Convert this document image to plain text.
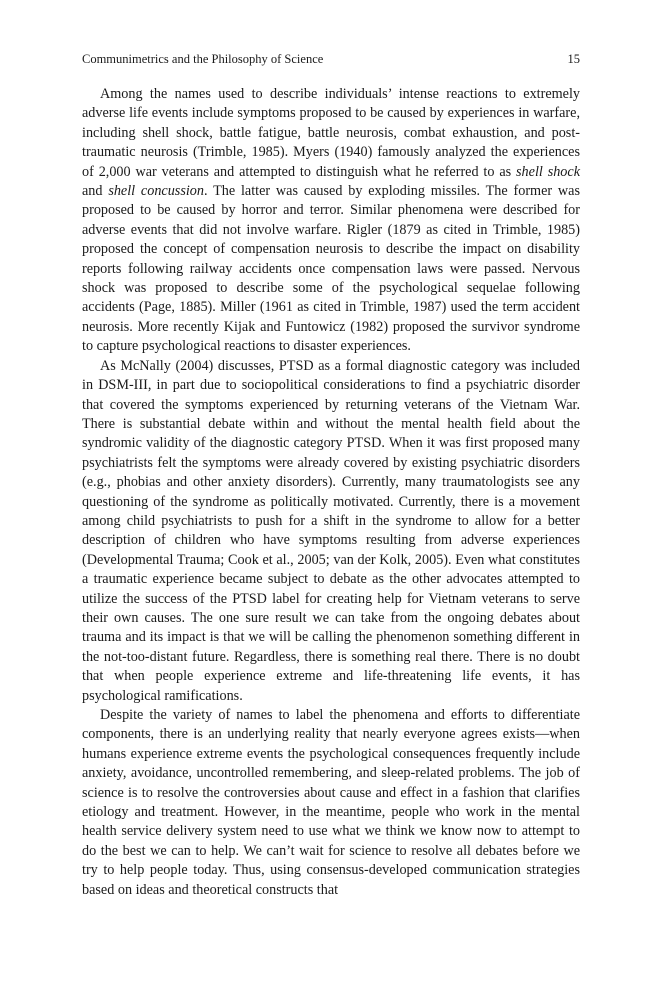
Communimetrics and the Philosophy of Science	15

Among the names used to describe individuals’ intense reactions to extremely adverse life events include symptoms proposed to be caused by experiences in warfare, including shell shock, battle fatigue, battle neurosis, combat exhaustion, and post-traumatic neurosis (Trimble, 1985). Myers (1940) famously analyzed the experiences of 2,000 war veterans and attempted to distinguish what he referred to as shell shock and shell concussion. The latter was caused by exploding missiles. The former was proposed to be caused by horror and terror. Similar phenomena were described for adverse events that did not involve warfare. Rigler (1879 as cited in Trimble, 1985) proposed the concept of compensation neurosis to describe the impact on disability reports following railway accidents once compensation laws were passed. Nervous shock was proposed to describe some of the psychological sequelae following accidents (Page, 1885). Miller (1961 as cited in Trimble, 1987) used the term accident neurosis. More recently Kijak and Funtowicz (1982) proposed the survivor syndrome to capture psychological reactions to disaster experiences.

As McNally (2004) discusses, PTSD as a formal diagnostic category was included in DSM-III, in part due to sociopolitical considerations to find a psychiatric disorder that covered the symptoms experienced by returning veterans of the Vietnam War. There is substantial debate within and without the mental health field about the syndromic validity of the diagnostic category PTSD. When it was first proposed many psychiatrists felt the symptoms were already covered by existing psychiatric disorders (e.g., phobias and other anxiety disorders). Currently, many traumatologists see any questioning of the syndrome as politically motivated. Currently, there is a movement among child psychiatrists to push for a shift in the syndrome to allow for a better description of children who have symptoms resulting from adverse experiences (Developmental Trauma; Cook et al., 2005; van der Kolk, 2005). Even what constitutes a traumatic experience became subject to debate as the other advocates attempted to utilize the success of the PTSD label for creating help for Vietnam veterans to serve their own causes. The one sure result we can take from the ongoing debates about trauma and its impact is that we will be calling the phenomenon something different in the not-too-distant future. Regardless, there is something real there. There is no doubt that when people experience extreme and life-threatening life events, it has psychological ramifications.

Despite the variety of names to label the phenomena and efforts to differentiate components, there is an underlying reality that nearly everyone agrees exists—when humans experience extreme events the psychological consequences frequently include anxiety, avoidance, uncontrolled remembering, and sleep-related problems. The job of science is to resolve the controversies about cause and effect in a fashion that clarifies etiology and treatment. However, in the meantime, people who work in the mental health service delivery system need to use what we think we know now to attempt to do the best we can to help. We can’t wait for science to resolve all debates before we try to help people today. Thus, using consensus-developed communication strategies based on ideas and theoretical constructs that
